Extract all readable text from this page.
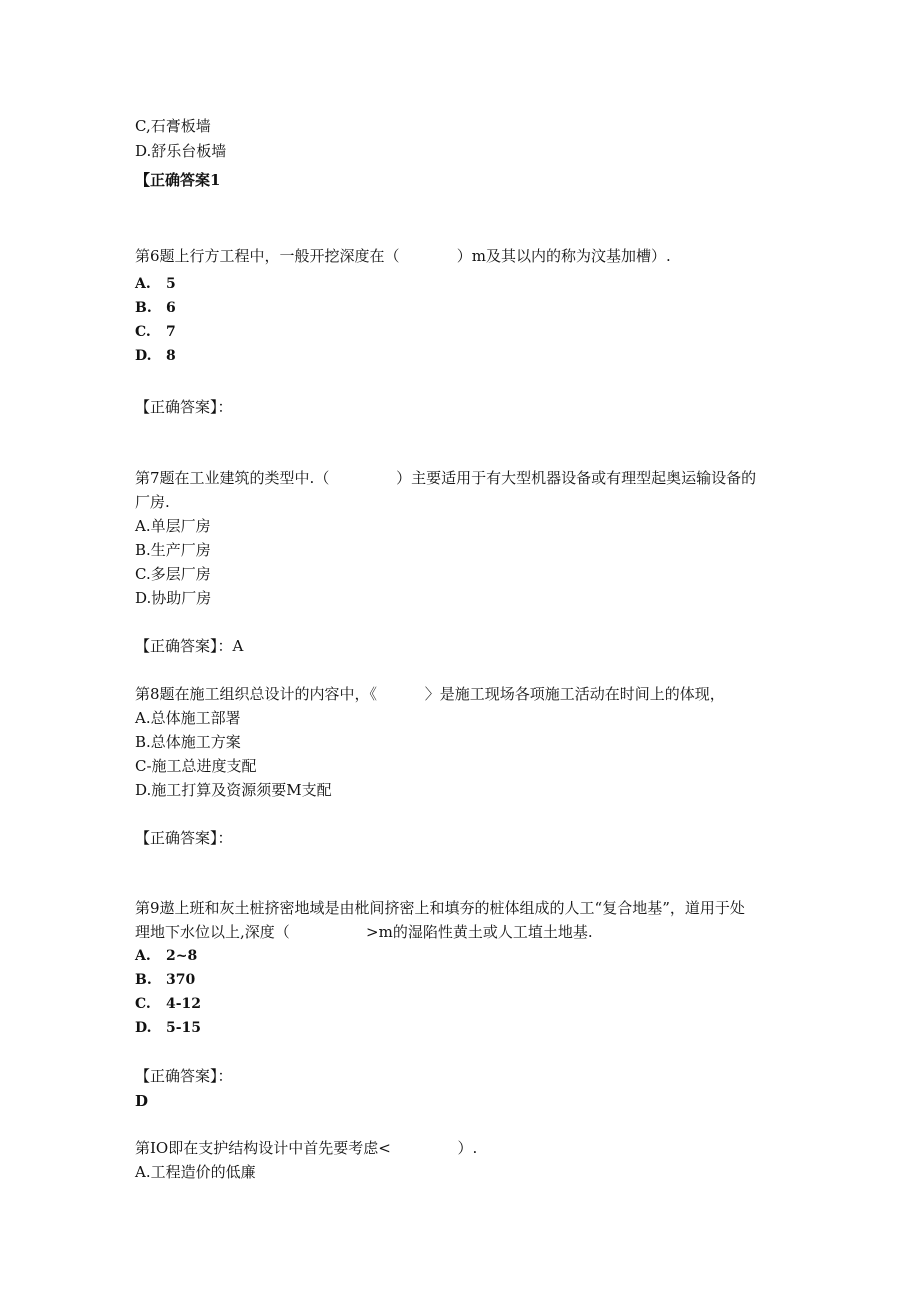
C,石膏板墙
D.舒乐台板墙
【正确答案1
第6题上行方工程中，一般开挖深度在（            ）m及其以内的称为汶基加槽）.
A. 5
B. 6
C. 7
D. 8
【正确答案】：
第7题在工业建筑的类型中.（              ）主要适用于有大型机器设备或有理型起奥运输设备的
厂房.
A.单层厂房
B.生产厂房
C.多层厂房
D.协助厂房
【正确答案】：A
第8题在施工组织总设计的内容中，《          〉是施工现场各项施工活动在时间上的体现，
A.总体施工部署
B.总体施工方案
C-施工总进度支配
D.施工打算及资源须要M支配
【正确答案】：
第9遨上班和灰土桩挤密地域是由枇间挤密上和填夯的桩体组成的人工“复合地基”，道用于处
理地下水位以上,深度（                >m的湿陷性黄土或人工埴土地基.
A. 2~8
B. 370
C. 4-12
D. 5-15
【正确答案】：
D
第IO即在支护结构设计中首先要考虑<              ）.
A.工程造价的低廉
